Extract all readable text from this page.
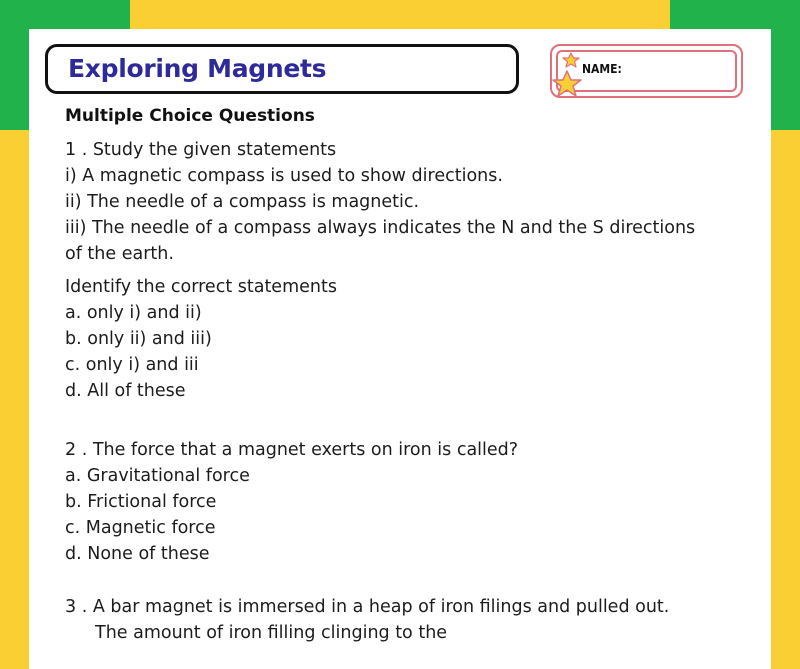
Exploring Magnets	NAME:
Multiple Choice Questions
1 . Study the given statements
i) A magnetic compass is used to show directions.
ii) The needle of a compass is magnetic.
iii) The needle of a compass always indicates the N and the S directions
of the earth.
Identify the correct statements
a. only i) and ii)
b. only ii) and iii)
c. only i) and iii
d. All of these
2 . The force that a magnet exerts on iron is called?
a. Gravitational force
b. Frictional force
c. Magnetic force
d. None of these
3 . A bar magnet is immersed in a heap of iron filings and pulled out.
The amount of iron filling clinging to the
